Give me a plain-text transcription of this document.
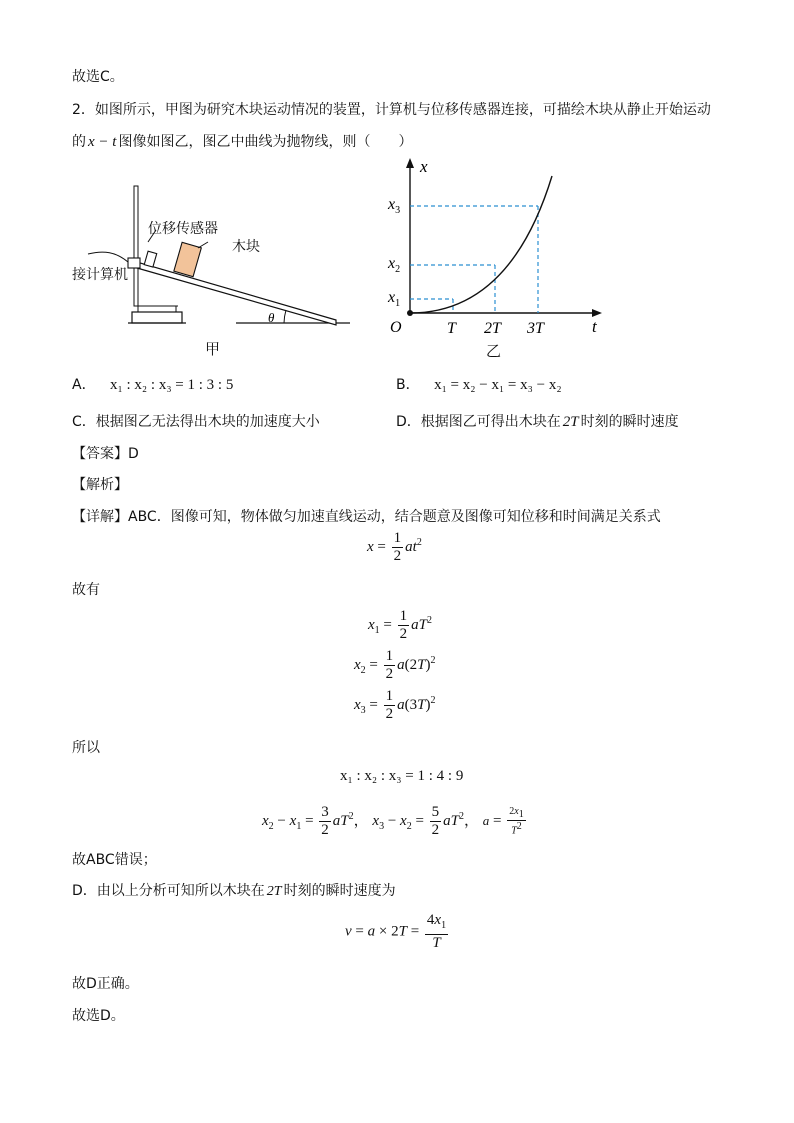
故选C。
2．如图所示，甲图为研究木块运动情况的装置，计算机与位移传感器连接，可描绘木块从静止开始运动
的 x − t 图像如图乙，图乙中曲线为抛物线，则（　　）
θ
位移传感器
木块
接计算机
甲
x
t
O	T 2T 3T
$x_1$
$x_2$
$x_3$
乙
A． x₁ : x₂ : x₃ = 1 : 3 : 5	B． x₁ = x₂ − x₁ = x₃ − x₂
C．根据图乙无法得出木块的加速度大小	D．根据图乙可得出木块在 2T 时刻的瞬时速度
【答案】D
【解析】
【详解】ABC．图像可知，物体做匀加速直线运动，结合题意及图像可知位移和时间满足关系式
$x = \frac{1}{2} at^2$
故有
$x_1 = \frac{1}{2} aT^2$
$x_2 = \frac{1}{2} a(2T)^2$
$x_3 = \frac{1}{2} a(3T)^2$
所以
x₁ : x₂ : x₃ = 1 : 4 : 9
$x_2 - x_1 = \frac{3}{2} aT^2$， $x_3 - x_2 = \frac{5}{2} aT^2$， $a = \frac{2x_1}{T^2}$
故ABC错误；
D．由以上分析可知所以木块在 2T 时刻的瞬时速度为
$v = a \times 2T = \frac{4x_1}{T}$
故D正确。
故选D。
